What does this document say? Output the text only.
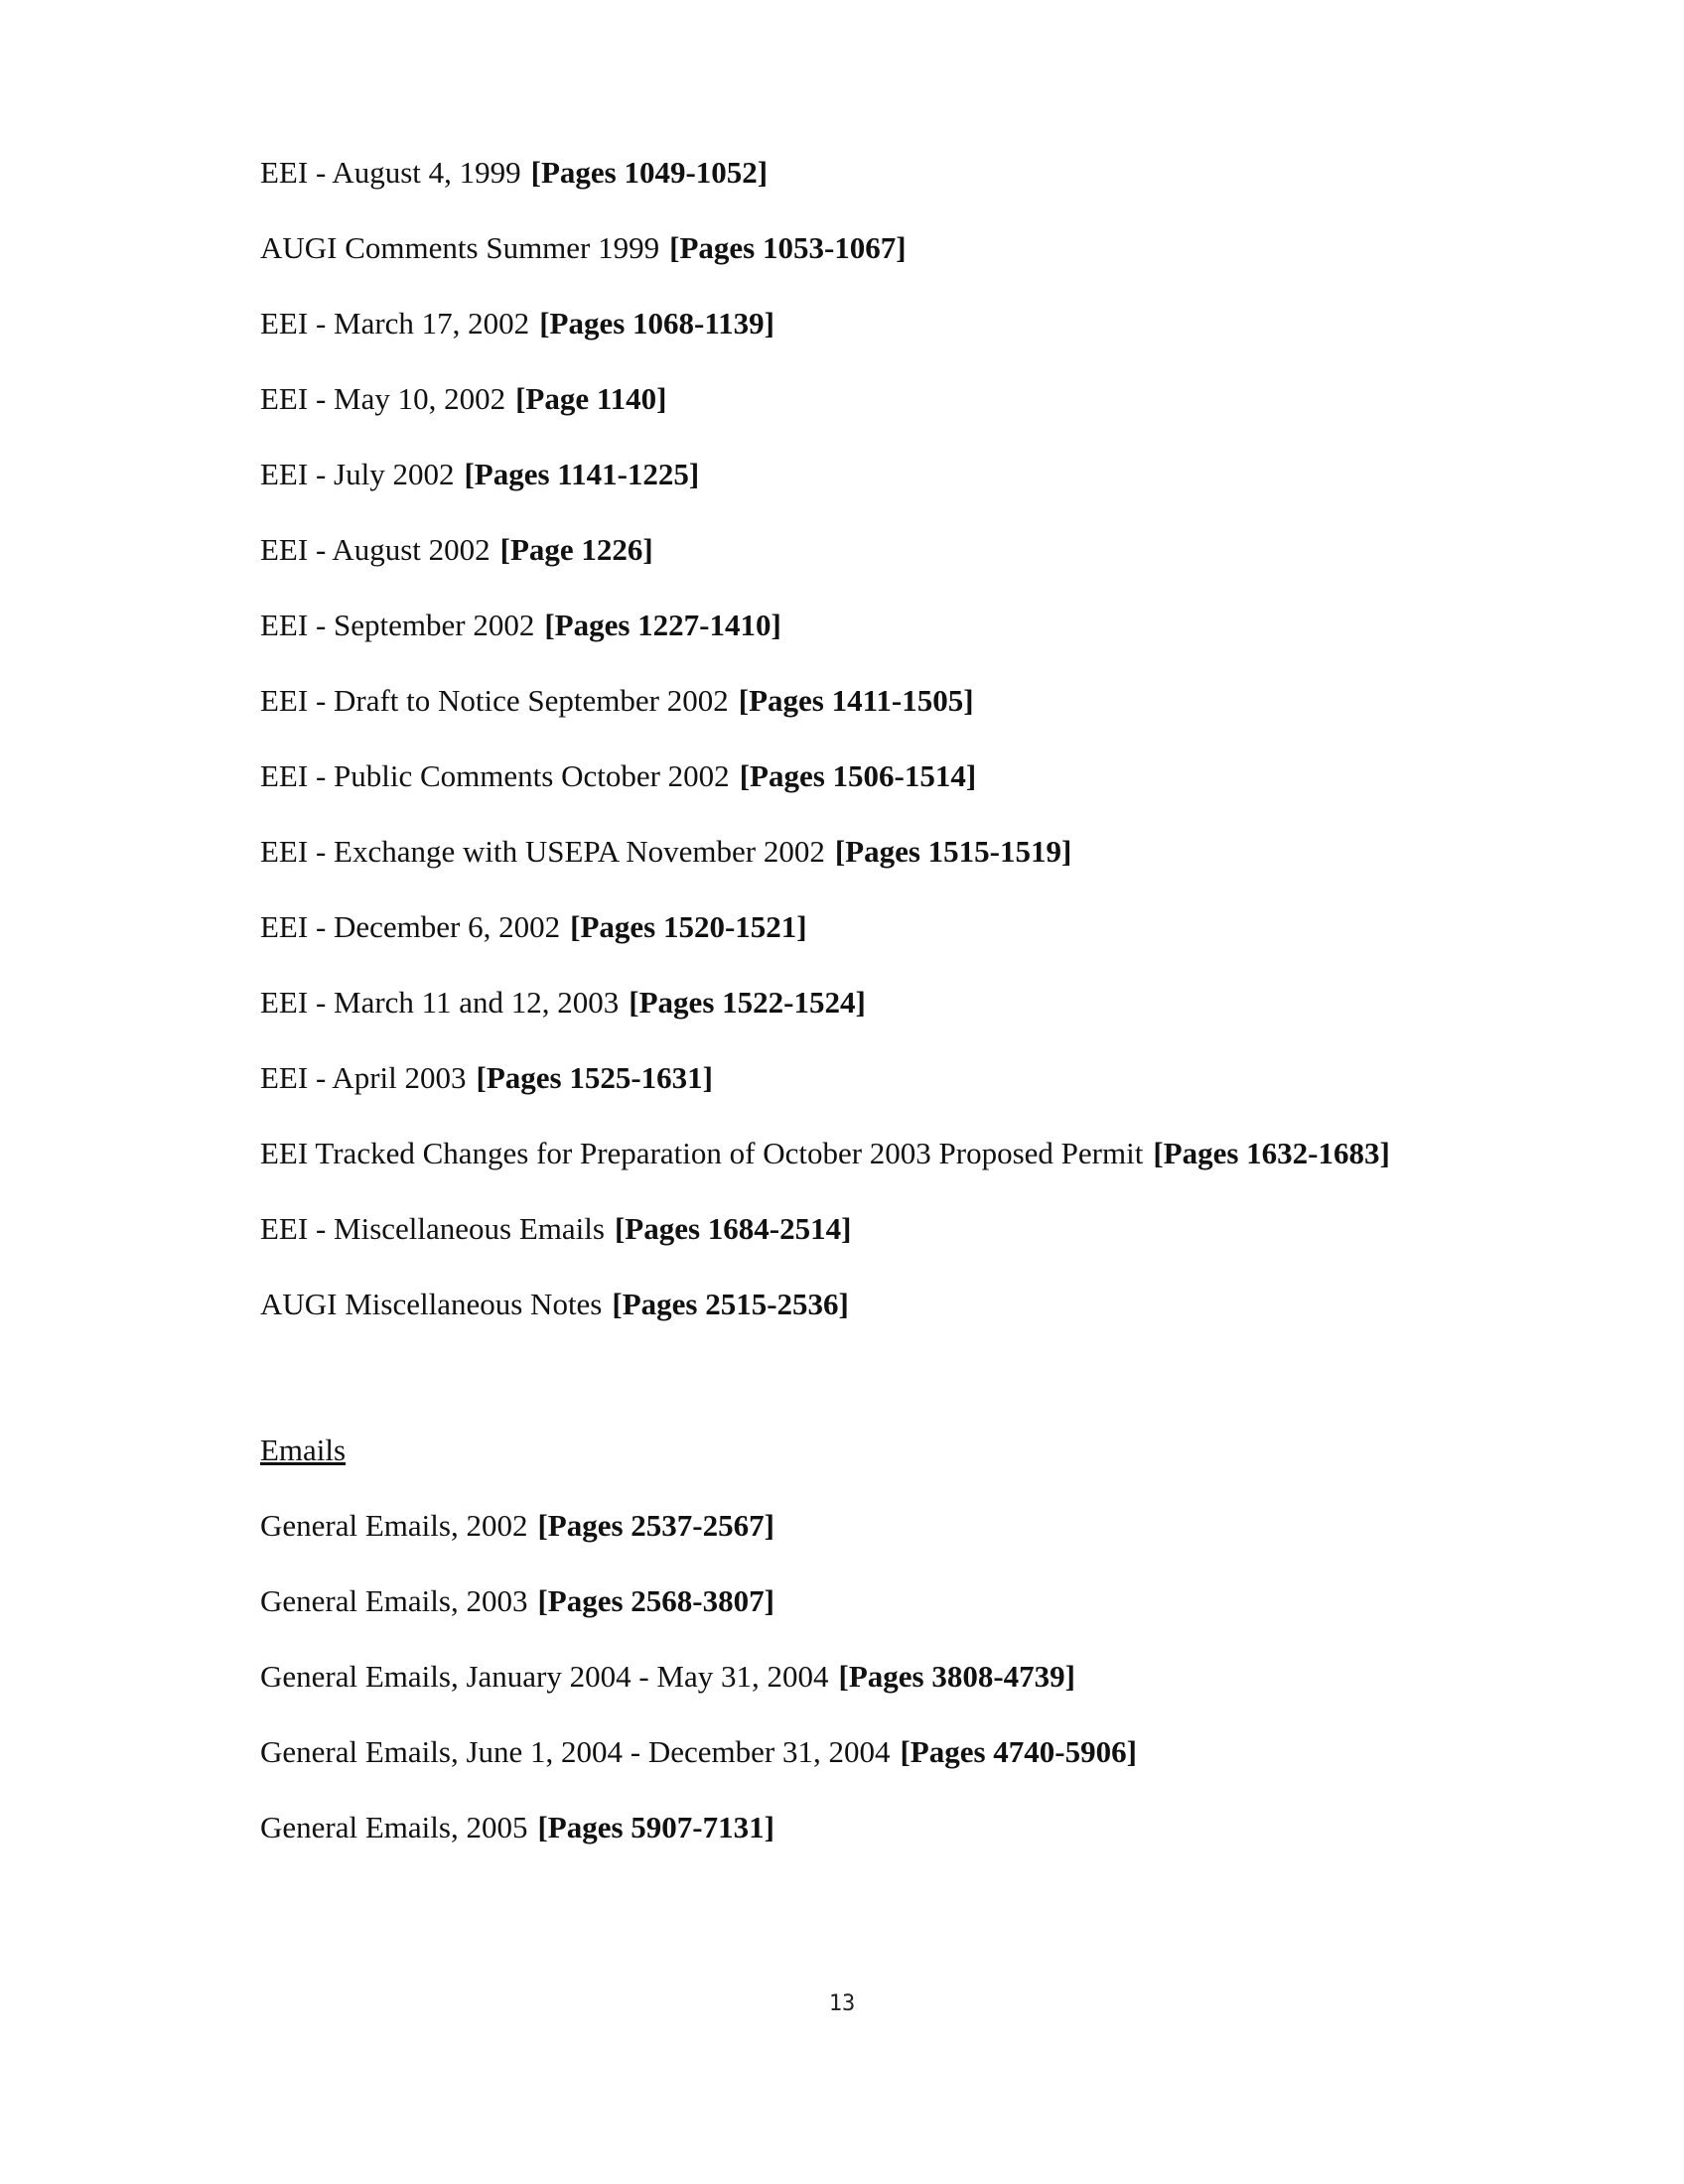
EEI - August 4, 1999 [Pages 1049-1052]
AUGI Comments Summer 1999 [Pages 1053-1067]
EEI - March 17, 2002 [Pages 1068-1139]
EEI - May 10, 2002 [Page 1140]
EEI - July 2002 [Pages 1141-1225]
EEI - August 2002 [Page 1226]
EEI - September 2002 [Pages 1227-1410]
EEI - Draft to Notice September 2002 [Pages 1411-1505]
EEI - Public Comments October 2002 [Pages 1506-1514]
EEI - Exchange with USEPA November 2002 [Pages 1515-1519]
EEI - December 6, 2002 [Pages 1520-1521]
EEI - March 11 and 12, 2003 [Pages 1522-1524]
EEI - April 2003 [Pages 1525-1631]
EEI Tracked Changes for Preparation of October 2003 Proposed Permit [Pages 1632-1683]
EEI - Miscellaneous Emails [Pages 1684-2514]
AUGI Miscellaneous Notes [Pages 2515-2536]
Emails
General Emails, 2002 [Pages 2537-2567]
General Emails, 2003 [Pages 2568-3807]
General Emails, January 2004 - May 31, 2004 [Pages 3808-4739]
General Emails, June 1, 2004 - December 31, 2004 [Pages 4740-5906]
General Emails, 2005 [Pages 5907-7131]
13
